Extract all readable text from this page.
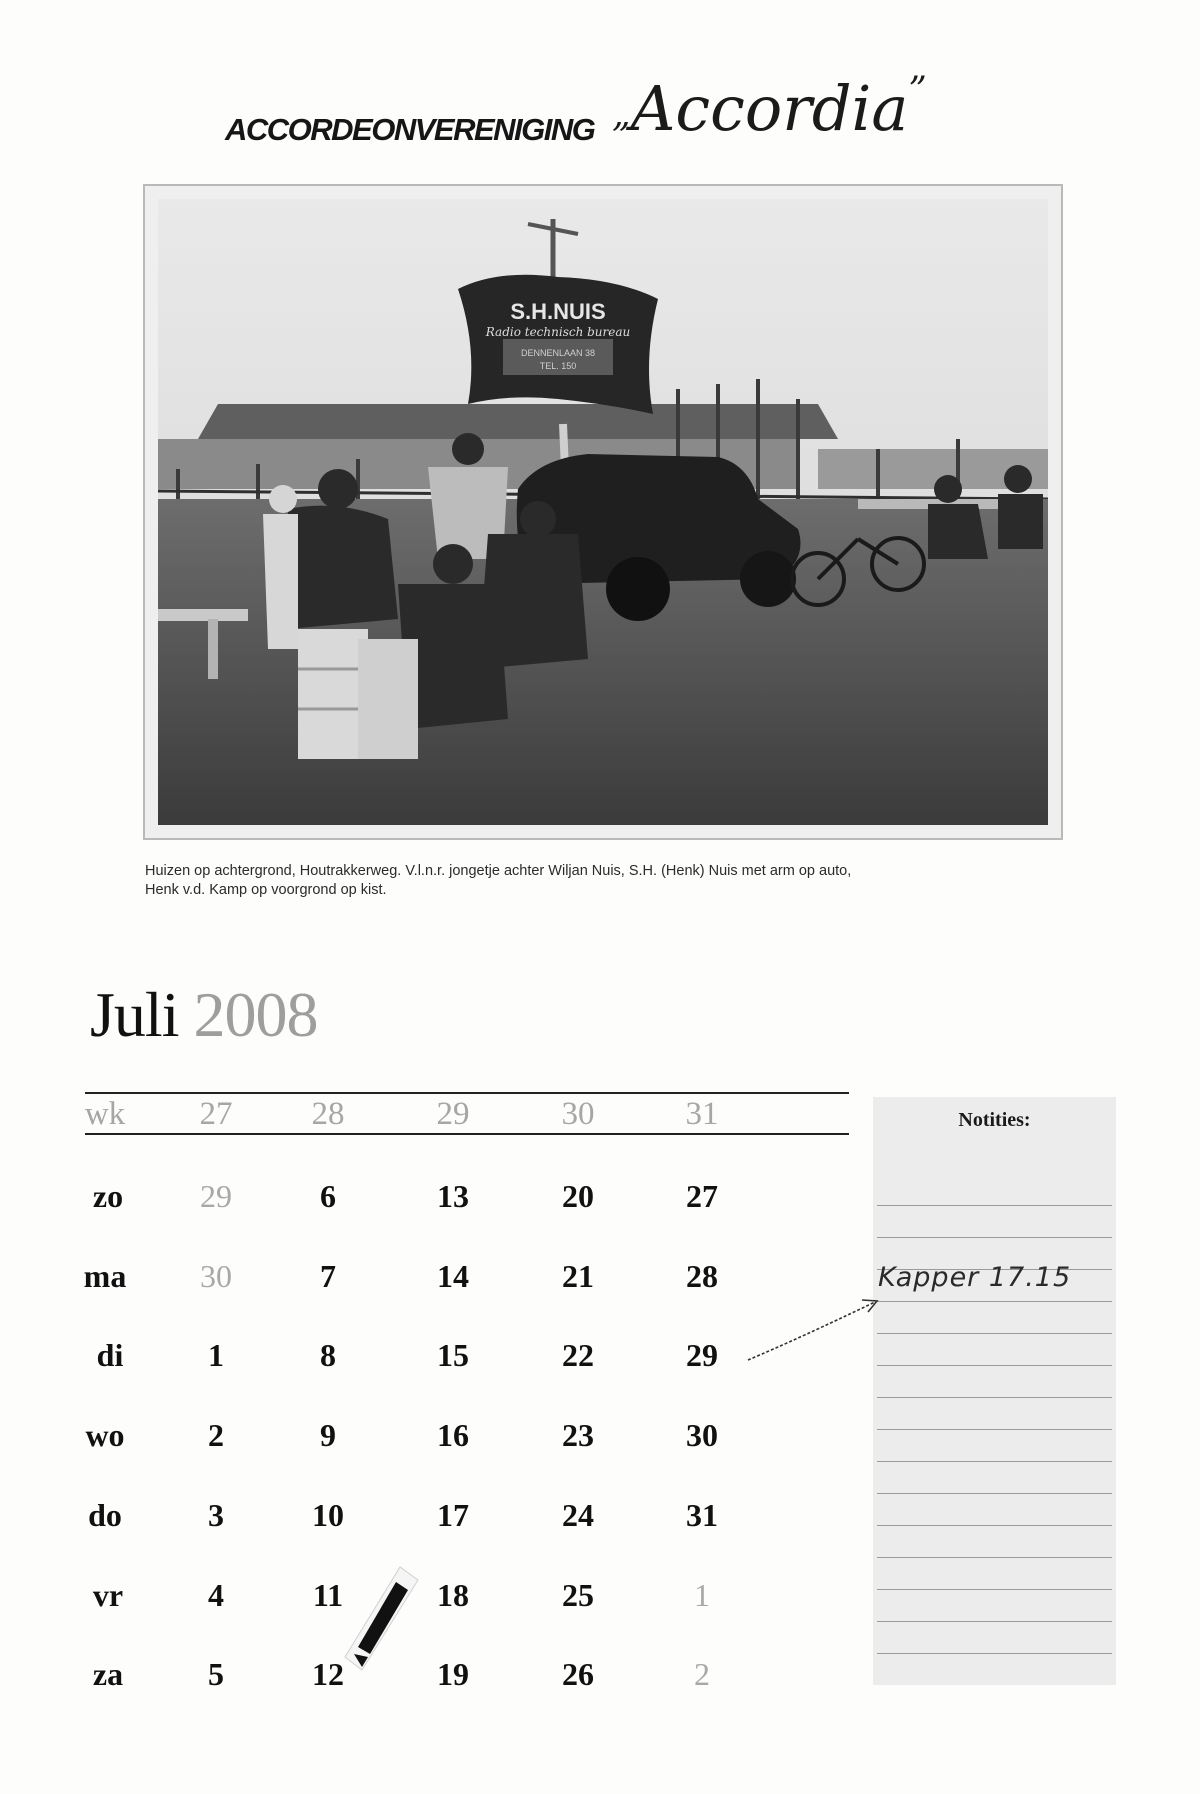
ACCORDEONVERENIGING „Accordia”
S.H.NUIS
Radio technisch bureau
DENNENLAAN 38
TEL. 150
Huizen op achtergrond, Houtrakkerweg. V.l.n.r. jongetje achter Wiljan Nuis, S.H. (Henk) Nuis met arm op auto,
Henk v.d. Kamp op voorgrond op kist.
Juli 2008
wk	27	28	29	30	31
zo	29	6	13	20	27
ma	30	7	14	21	28
di	1	8	15	22	29
wo	2	9	16	23	30
do	3	10	17	24	31
vr	4	11	18	25	1
za	5	12	19	26	2
Notities:
Kapper 17.15
